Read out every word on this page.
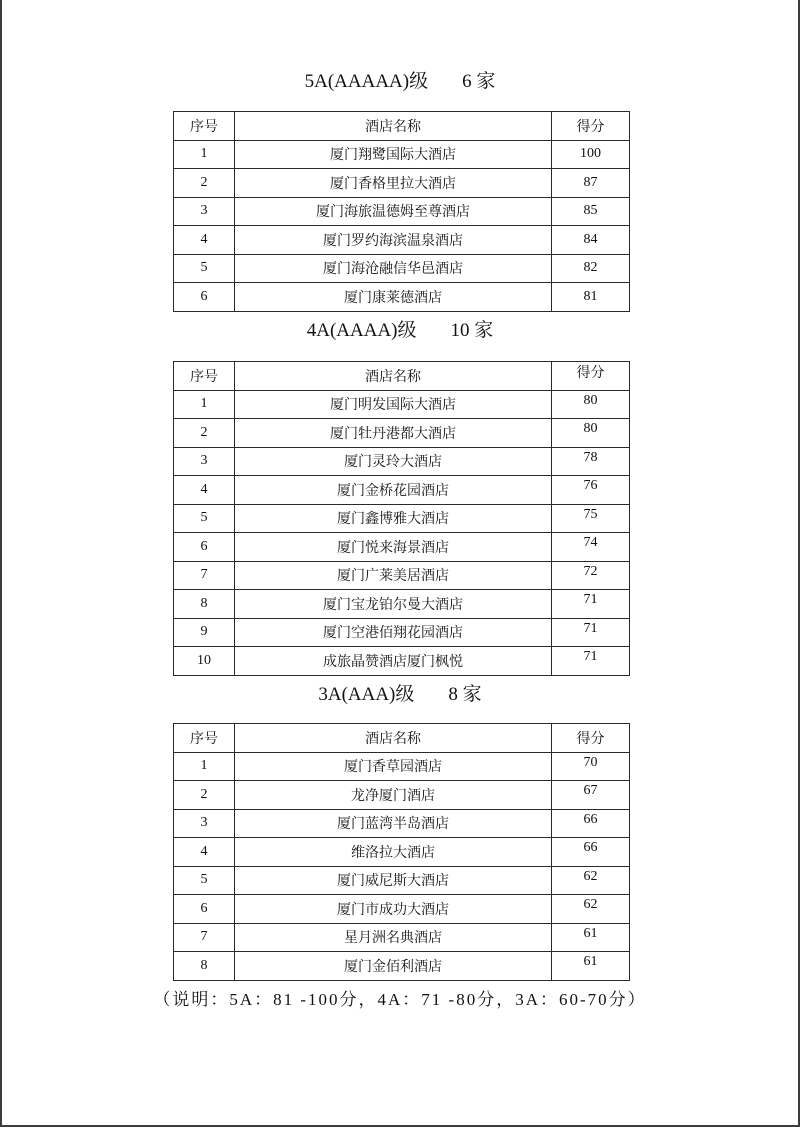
5A(AAAAA)级 6 家
序号	酒店名称	得分
1	厦门翔鹭国际大酒店	100
2	厦门香格里拉大酒店	87
3	厦门海旅温德姆至尊酒店	85
4	厦门罗约海滨温泉酒店	84
5	厦门海沧融信华邑酒店	82
6	厦门康莱德酒店	81
4A(AAAA)级 10 家
序号	酒店名称	得分
1	厦门明发国际大酒店	80
2	厦门牡丹港都大酒店	80
3	厦门灵玲大酒店	78
4	厦门金桥花园酒店	76
5	厦门鑫博雅大酒店	75
6	厦门悦来海景酒店	74
7	厦门广莱美居酒店	72
8	厦门宝龙铂尔曼大酒店	71
9	厦门空港佰翔花园酒店	71
10	成旅晶赞酒店厦门枫悦	71
3A(AAA)级 8 家
序号	酒店名称	得分
1	厦门香草园酒店	70
2	龙净厦门酒店	67
3	厦门蓝湾半岛酒店	66
4	维洛拉大酒店	66
5	厦门威尼斯大酒店	62
6	厦门市成功大酒店	62
7	星月洲名典酒店	61
8	厦门金佰利酒店	61

（说明：5A：81 -100分，4A：71 -80分，3A：60-70分）
